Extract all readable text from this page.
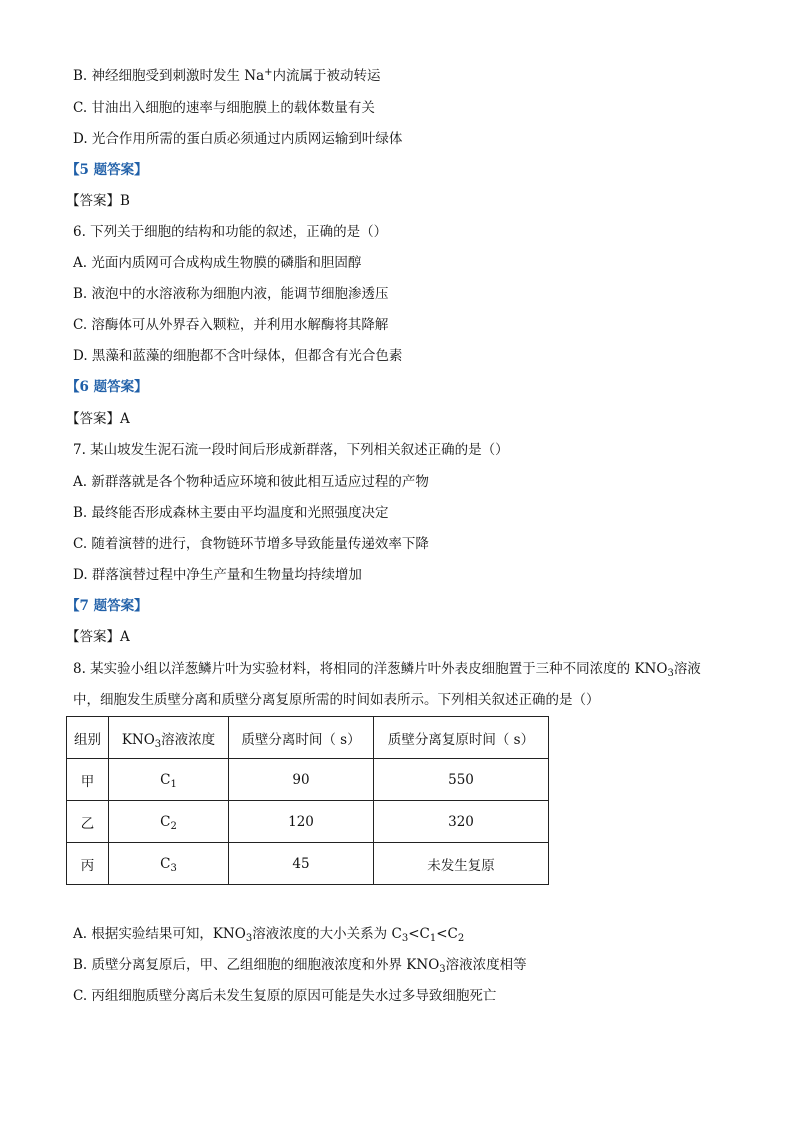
B. 神经细胞受到刺激时发生 Na+内流属于被动转运
C. 甘油出入细胞的速率与细胞膜上的载体数量有关
D. 光合作用所需的蛋白质必须通过内质网运输到叶绿体
【5 题答案】
【答案】B
6. 下列关于细胞的结构和功能的叙述，正确的是（）
A. 光面内质网可合成构成生物膜的磷脂和胆固醇
B. 液泡中的水溶液称为细胞内液，能调节细胞渗透压
C. 溶酶体可从外界吞入颗粒，并利用水解酶将其降解
D. 黑藻和蓝藻的细胞都不含叶绿体，但都含有光合色素
【6 题答案】
【答案】A
7. 某山坡发生泥石流一段时间后形成新群落，下列相关叙述正确的是（）
A. 新群落就是各个物种适应环境和彼此相互适应过程的产物
B. 最终能否形成森林主要由平均温度和光照强度决定
C. 随着演替的进行，食物链环节增多导致能量传递效率下降
D. 群落演替过程中净生产量和生物量均持续增加
【7 题答案】
【答案】A
8. 某实验小组以洋葱鳞片叶为实验材料，将相同的洋葱鳞片叶外表皮细胞置于三种不同浓度的 $KNO_3$溶液
中，细胞发生质壁分离和质壁分离复原所需的时间如表所示。下列相关叙述正确的是（）
组别	$KNO_3$溶液浓度	质壁分离时间（ s）	质壁分离复原时间（ s）
甲	$C_1$	90	550
乙	$C_2$	120	320
丙	$C_3$	45	未发生复原
A. 根据实验结果可知，$KNO_3$溶液浓度的大小关系为 $C_3<C_1<C_2$
B. 质壁分离复原后，甲、乙组细胞的细胞液浓度和外界 $KNO_3$溶液浓度相等
C. 丙组细胞质壁分离后未发生复原的原因可能是失水过多导致细胞死亡
